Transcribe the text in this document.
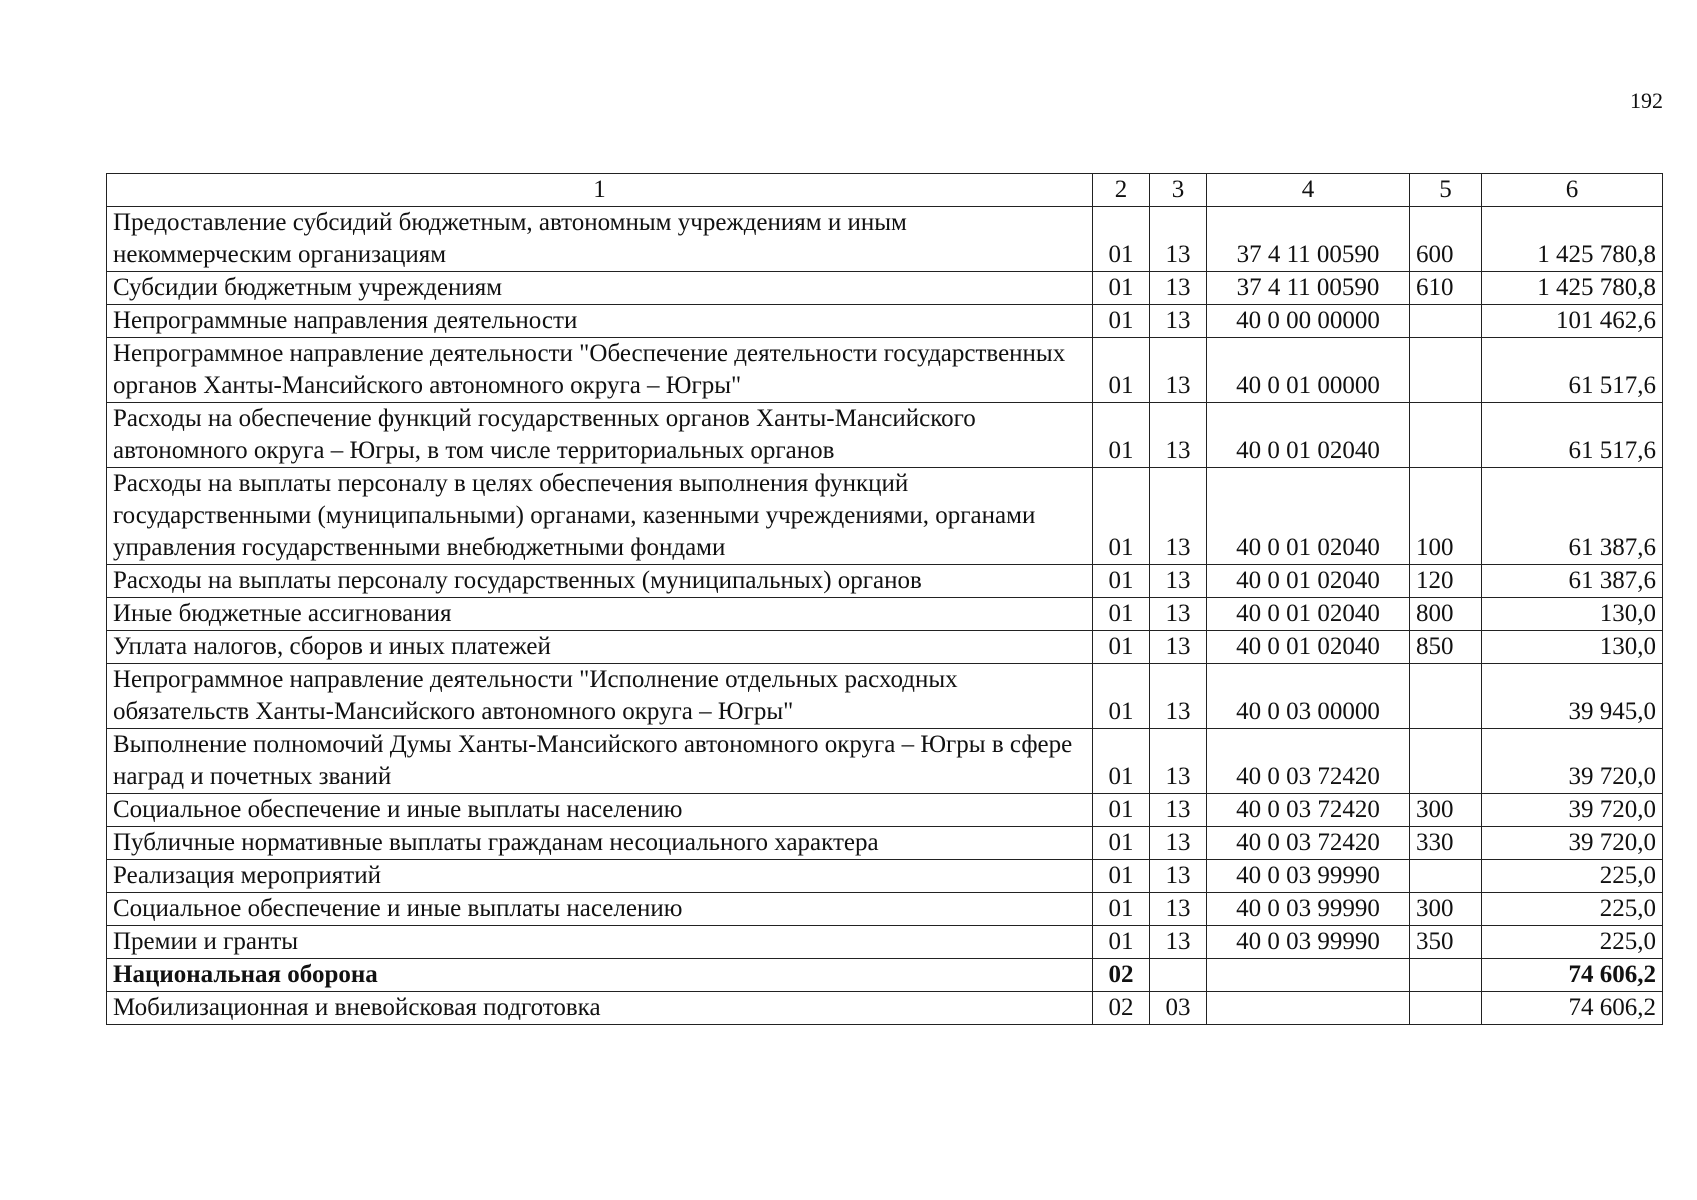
192
1	2	3	4	5	6
Предоставление субсидий бюджетным, автономным учреждениям и иным некоммерческим организациям	01	13	37 4 11 00590	600	1 425 780,8
Субсидии бюджетным учреждениям	01	13	37 4 11 00590	610	1 425 780,8
Непрограммные направления деятельности	01	13	40 0 00 00000		101 462,6
Непрограммное направление деятельности "Обеспечение деятельности государственных органов Ханты-Мансийского автономного округа – Югры"	01	13	40 0 01 00000		61 517,6
Расходы на обеспечение функций государственных органов Ханты-Мансийского автономного округа – Югры, в том числе территориальных органов	01	13	40 0 01 02040		61 517,6
Расходы на выплаты персоналу в целях обеспечения выполнения функций государственными (муниципальными) органами, казенными учреждениями, органами управления государственными внебюджетными фондами	01	13	40 0 01 02040	100	61 387,6
Расходы на выплаты персоналу государственных (муниципальных) органов	01	13	40 0 01 02040	120	61 387,6
Иные бюджетные ассигнования	01	13	40 0 01 02040	800	130,0
Уплата налогов, сборов и иных платежей	01	13	40 0 01 02040	850	130,0
Непрограммное направление деятельности "Исполнение отдельных расходных обязательств Ханты-Мансийского автономного округа – Югры"	01	13	40 0 03 00000		39 945,0
Выполнение полномочий Думы Ханты-Мансийского автономного округа – Югры в сфере наград и почетных званий	01	13	40 0 03 72420		39 720,0
Социальное обеспечение и иные выплаты населению	01	13	40 0 03 72420	300	39 720,0
Публичные нормативные выплаты гражданам несоциального характера	01	13	40 0 03 72420	330	39 720,0
Реализация мероприятий	01	13	40 0 03 99990		225,0
Социальное обеспечение и иные выплаты населению	01	13	40 0 03 99990	300	225,0
Премии и гранты	01	13	40 0 03 99990	350	225,0
Национальная оборона	02				74 606,2
Мобилизационная и вневойсковая подготовка	02	03			74 606,2
